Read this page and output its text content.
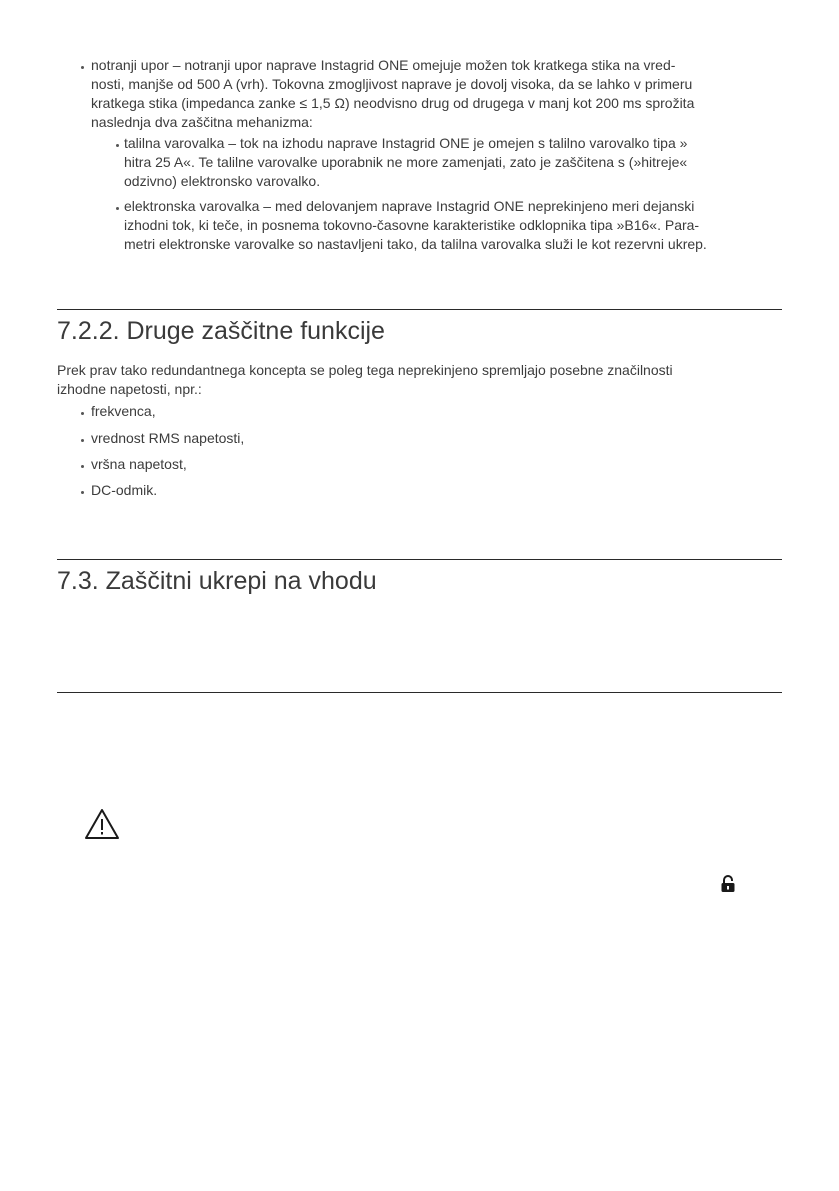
notranji upor – notranji upor naprave Instagrid ONE omejuje možen tok kratkega stika na vred-
nosti, manjše od 500 A (vrh). Tokovna zmogljivost naprave je dovolj visoka, da se lahko v primeru
kratkega stika (impedanca zanke ≤ 1,5 Ω) neodvisno drug od drugega v manj kot 200 ms sprožita
naslednja dva zaščitna mehanizma:
talilna varovalka – tok na izhodu naprave Instagrid ONE je omejen s talilno varovalko tipa »
hitra 25 A«. Te talilne varovalke uporabnik ne more zamenjati, zato je zaščitena s (»hitreje«
odzivno) elektronsko varovalko.
elektronska varovalka – med delovanjem naprave Instagrid ONE neprekinjeno meri dejanski
izhodni tok, ki teče, in posnema tokovno-časovne karakteristike odklopnika tipa »B16«. Para-
metri elektronske varovalke so nastavljeni tako, da talilna varovalka služi le kot rezervni ukrep.
7.2.2. Druge zaščitne funkcije
Prek prav tako redundantnega koncepta se poleg tega neprekinjeno spremljajo posebne značilnosti
izhodne napetosti, npr.:
frekvenca,
vrednost RMS napetosti,
vršna napetost,
DC-odmik.
7.3. Zaščitni ukrepi na vhodu
